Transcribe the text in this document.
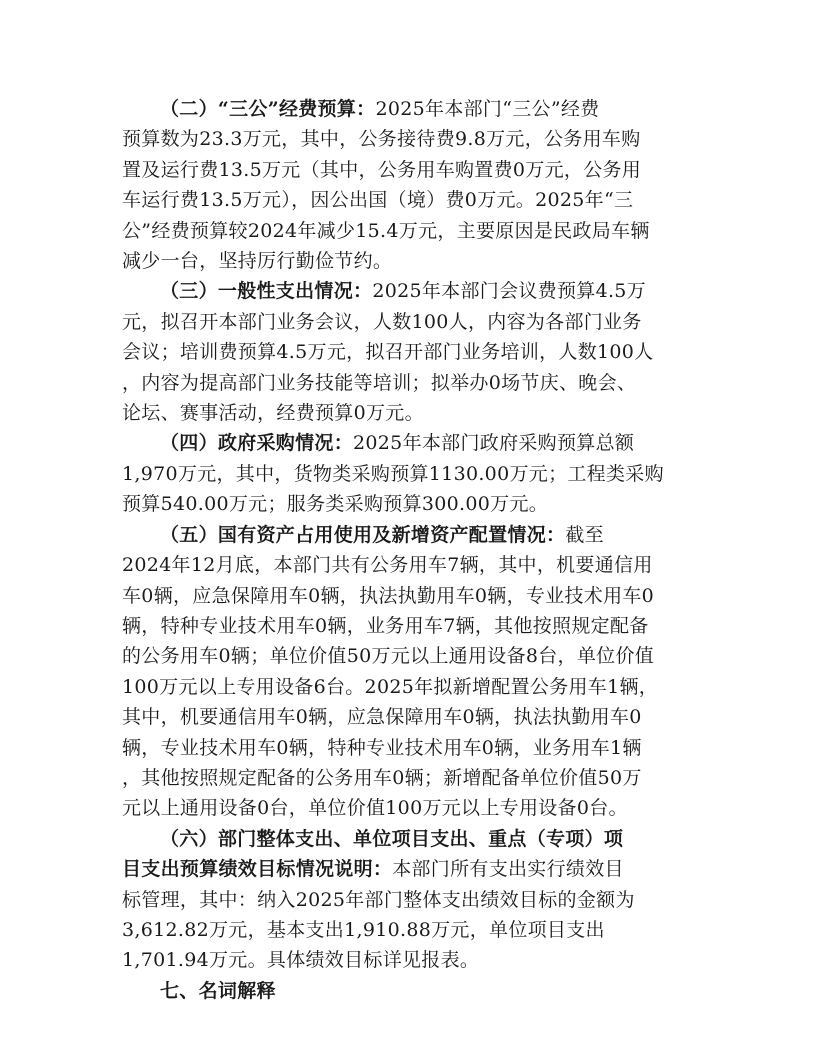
（二）“三公”经费预算：2025年本部门“三公”经费
预算数为23.3万元，其中，公务接待费9.8万元，公务用车购
置及运行费13.5万元（其中，公务用车购置费0万元，公务用
车运行费13.5万元），因公出国（境）费0万元。2025年“三
公”经费预算较2024年减少15.4万元，主要原因是民政局车辆
减少一台，坚持厉行勤俭节约。
（三）一般性支出情况：2025年本部门会议费预算4.5万
元，拟召开本部门业务会议，人数100人，内容为各部门业务
会议；培训费预算4.5万元，拟召开部门业务培训，人数100人
，内容为提高部门业务技能等培训；拟举办0场节庆、晚会、
论坛、赛事活动，经费预算0万元。
（四）政府采购情况：2025年本部门政府采购预算总额
1,970万元，其中，货物类采购预算1130.00万元；工程类采购
预算540.00万元；服务类采购预算300.00万元。
（五）国有资产占用使用及新增资产配置情况：截至
2024年12月底，本部门共有公务用车7辆，其中，机要通信用
车0辆，应急保障用车0辆，执法执勤用车0辆，专业技术用车0
辆，特种专业技术用车0辆，业务用车7辆，其他按照规定配备
的公务用车0辆；单位价值50万元以上通用设备8台，单位价值
100万元以上专用设备6台。2025年拟新增配置公务用车1辆，
其中，机要通信用车0辆，应急保障用车0辆，执法执勤用车0
辆，专业技术用车0辆，特种专业技术用车0辆，业务用车1辆
，其他按照规定配备的公务用车0辆；新增配备单位价值50万
元以上通用设备0台，单位价值100万元以上专用设备0台。
（六）部门整体支出、单位项目支出、重点（专项）项
目支出预算绩效目标情况说明：本部门所有支出实行绩效目
标管理，其中：纳入2025年部门整体支出绩效目标的金额为
3,612.82万元，基本支出1,910.88万元，单位项目支出
1,701.94万元。具体绩效目标详见报表。
七、名词解释
